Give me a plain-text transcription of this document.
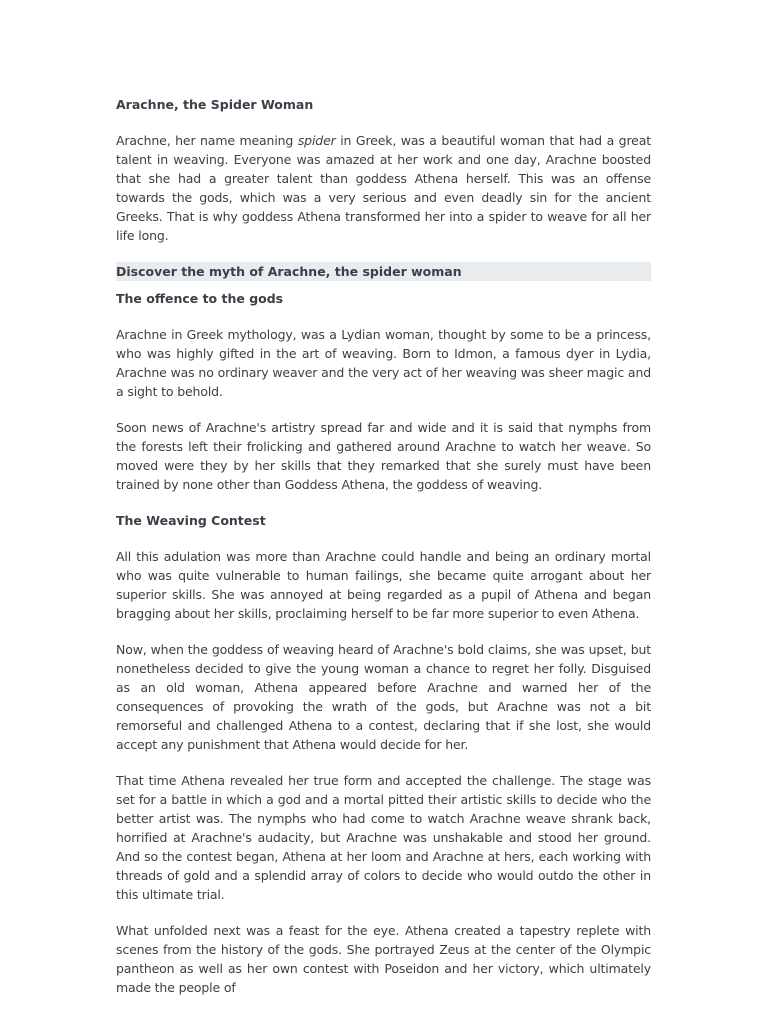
Arachne, the Spider Woman

Arachne, her name meaning spider in Greek, was a beautiful woman that had a great talent in weaving. Everyone was amazed at her work and one day, Arachne boosted that she had a greater talent than goddess Athena herself. This was an offense towards the gods, which was a very serious and even deadly sin for the ancient Greeks. That is why goddess Athena transformed her into a spider to weave for all her life long.

Discover the myth of Arachne, the spider woman
The offence to the gods

Arachne in Greek mythology, was a Lydian woman, thought by some to be a princess, who was highly gifted in the art of weaving. Born to Idmon, a famous dyer in Lydia, Arachne was no ordinary weaver and the very act of her weaving was sheer magic and a sight to behold.

Soon news of Arachne's artistry spread far and wide and it is said that nymphs from the forests left their frolicking and gathered around Arachne to watch her weave. So moved were they by her skills that they remarked that she surely must have been trained by none other than Goddess Athena, the goddess of weaving.

The Weaving Contest

All this adulation was more than Arachne could handle and being an ordinary mortal who was quite vulnerable to human failings, she became quite arrogant about her superior skills. She was annoyed at being regarded as a pupil of Athena and began bragging about her skills, proclaiming herself to be far more superior to even Athena.

Now, when the goddess of weaving heard of Arachne's bold claims, she was upset, but nonetheless decided to give the young woman a chance to regret her folly. Disguised as an old woman, Athena appeared before Arachne and warned her of the consequences of provoking the wrath of the gods, but Arachne was not a bit remorseful and challenged Athena to a contest, declaring that if she lost, she would accept any punishment that Athena would decide for her.

That time Athena revealed her true form and accepted the challenge. The stage was set for a battle in which a god and a mortal pitted their artistic skills to decide who the better artist was. The nymphs who had come to watch Arachne weave shrank back, horrified at Arachne's audacity, but Arachne was unshakable and stood her ground. And so the contest began, Athena at her loom and Arachne at hers, each working with threads of gold and a splendid array of colors to decide who would outdo the other in this ultimate trial.

What unfolded next was a feast for the eye. Athena created a tapestry replete with scenes from the history of the gods. She portrayed Zeus at the center of the Olympic pantheon as well as her own contest with Poseidon and her victory, which ultimately made the people of
